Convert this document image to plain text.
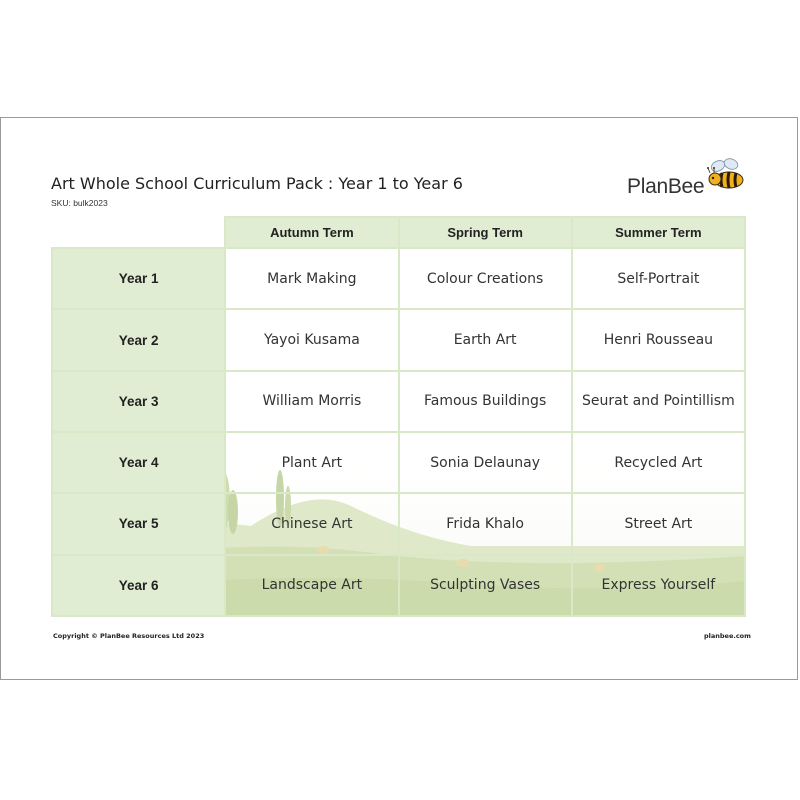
Art Whole School Curriculum Pack : Year 1 to Year 6
SKU: bulk2023
PlanBee
	Autumn Term	Spring Term	Summer Term
Year 1	Mark Making	Colour Creations	Self-Portrait
Year 2	Yayoi Kusama	Earth Art	Henri Rousseau
Year 3	William Morris	Famous Buildings	Seurat and Pointillism
Year 4	Plant Art	Sonia Delaunay	Recycled Art
Year 5	Chinese Art	Frida Khalo	Street Art
Year 6	Landscape Art	Sculpting Vases	Express Yourself
Copyright © PlanBee Resources Ltd 2023	planbee.com
